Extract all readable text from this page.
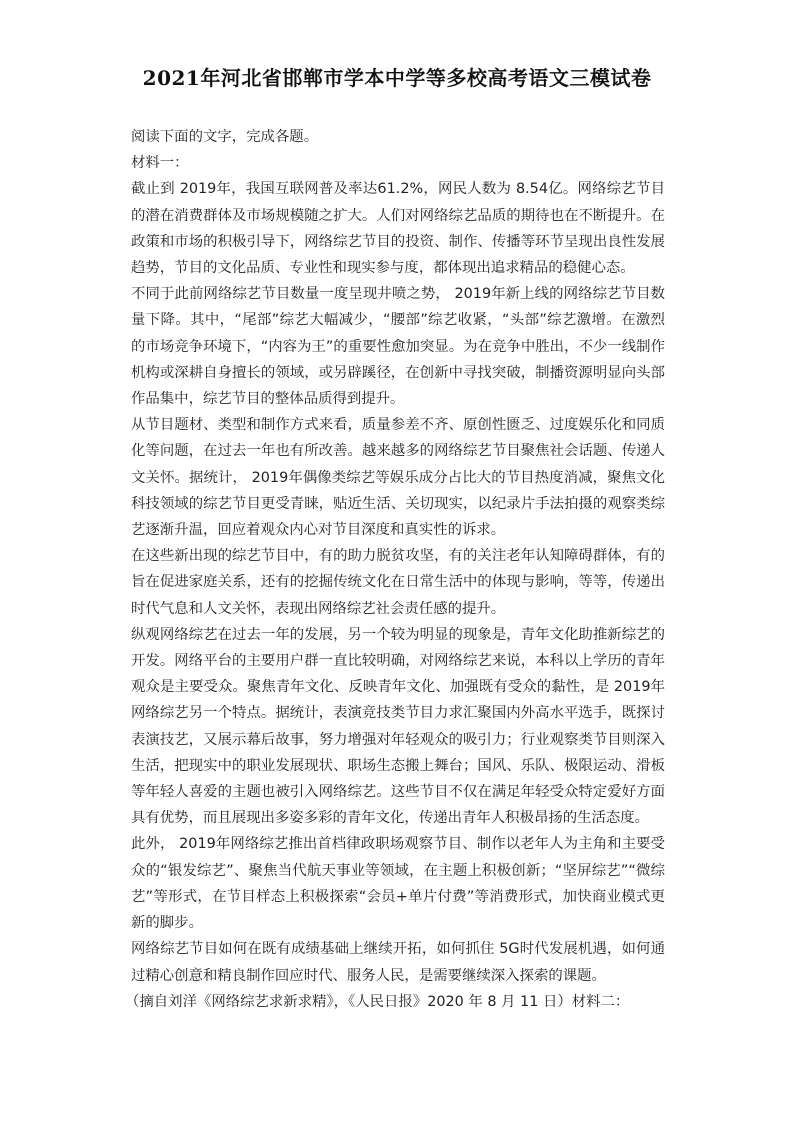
2021年河北省邯郸市学本中学等多校高考语文三模试卷

阅读下面的文字，完成各题。

材料一：

截止到 2019年，我国互联网普及率达61.2%，网民人数为 8.54亿。网络综艺节目的潜在消费群体及市场规模随之扩大。人们对网络综艺品质的期待也在不断提升。在政策和市场的积极引导下，网络综艺节目的投资、制作、传播等环节呈现出良性发展趋势，节目的文化品质、专业性和现实参与度，都体现出追求精品的稳健心态。

不同于此前网络综艺节目数量一度呈现井喷之势， 2019年新上线的网络综艺节目数量下降。其中，“尾部”综艺大幅减少，“腰部”综艺收紧，“头部”综艺激增。在激烈的市场竞争环境下，“内容为王”的重要性愈加突显。为在竞争中胜出，不少一线制作机构或深耕自身擅长的领域，或另辟蹊径，在创新中寻找突破，制播资源明显向头部作品集中，综艺节目的整体品质得到提升。

从节目题材、类型和制作方式来看，质量参差不齐、原创性匮乏、过度娱乐化和同质化等问题，在过去一年也有所改善。越来越多的网络综艺节目聚焦社会话题、传递人文关怀。据统计， 2019年偶像类综艺等娱乐成分占比大的节目热度消减，聚焦文化科技领域的综艺节目更受青睐，贴近生活、关切现实，以纪录片手法拍摄的观察类综艺逐渐升温，回应着观众内心对节目深度和真实性的诉求。

在这些新出现的综艺节目中，有的助力脱贫攻坚，有的关注老年认知障碍群体，有的旨在促进家庭关系，还有的挖掘传统文化在日常生活中的体现与影响，等等，传递出时代气息和人文关怀，表现出网络综艺社会责任感的提升。

纵观网络综艺在过去一年的发展，另一个较为明显的现象是，青年文化助推新综艺的开发。网络平台的主要用户群一直比较明确，对网络综艺来说，本科以上学历的青年观众是主要受众。聚焦青年文化、反映青年文化、加强既有受众的黏性，是 2019年网络综艺另一个特点。据统计，表演竞技类节目力求汇聚国内外高水平选手，既探讨表演技艺，又展示幕后故事，努力增强对年轻观众的吸引力；行业观察类节目则深入生活，把现实中的职业发展现状、职场生态搬上舞台；国风、乐队、极限运动、滑板等年轻人喜爱的主题也被引入网络综艺。这些节目不仅在满足年轻受众特定爱好方面具有优势，而且展现出多姿多彩的青年文化，传递出青年人积极昂扬的生活态度。

此外， 2019年网络综艺推出首档律政职场观察节目、制作以老年人为主角和主要受众的“银发综艺”、聚焦当代航天事业等领域，在主题上积极创新；“坚屏综艺”“微综艺”等形式，在节目样态上积极探索“会员+单片付费”等消费形式，加快商业模式更新的脚步。

网络综艺节目如何在既有成绩基础上继续开拓，如何抓住 5G时代发展机遇，如何通过精心创意和精良制作回应时代、服务人民，是需要继续深入探索的课题。

（摘自刘洋《网络综艺求新求精》，《人民日报》2020 年 8 月 11 日）材料二：
